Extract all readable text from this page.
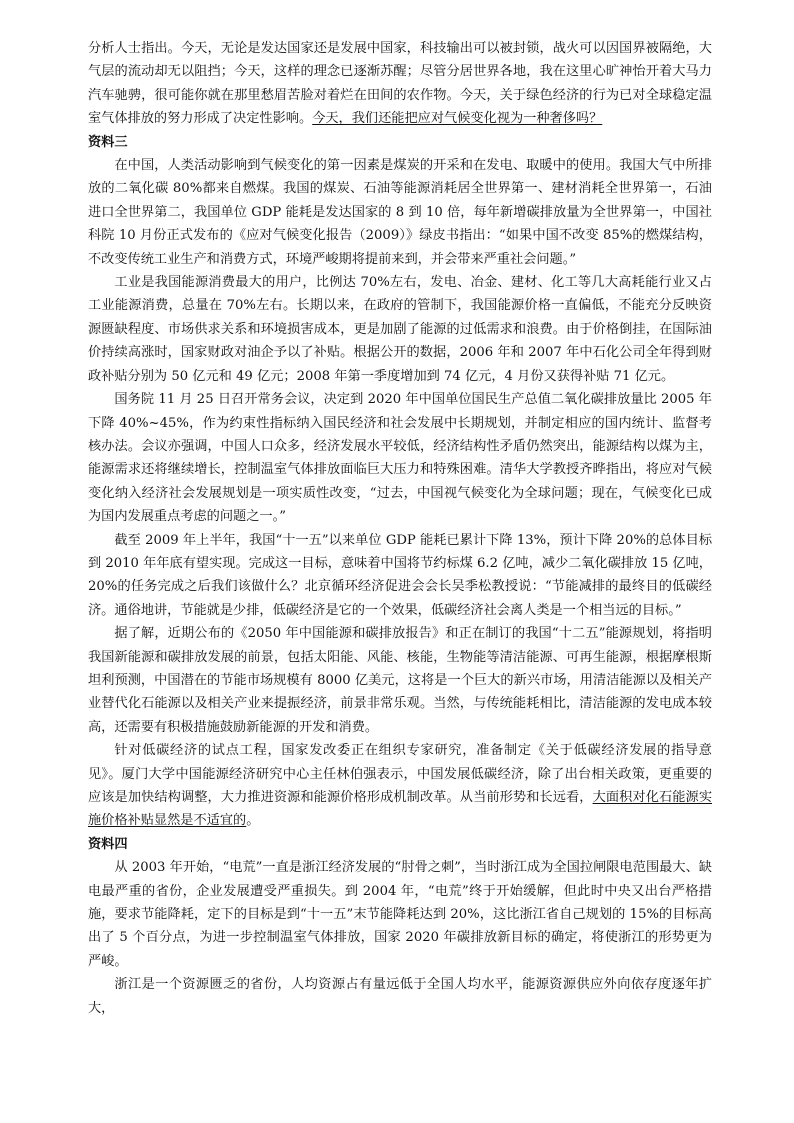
分析人士指出。今天，无论是发达国家还是发展中国家，科技输出可以被封锁，战火可以因国界被隔绝，大气层的流动却无以阻挡；今天，这样的理念已逐渐苏醒；尽管分居世界各地，我在这里心旷神怡开着大马力汽车驰骋，很可能你就在那里愁眉苦脸对着烂在田间的农作物。今天，关于绿色经济的行为已对全球稳定温室气体排放的努力形成了决定性影响。今天，我们还能把应对气候变化视为一种奢侈吗？

资料三

在中国，人类活动影响到气候变化的第一因素是煤炭的开采和在发电、取暖中的使用。我国大气中所排放的二氧化碳 80%都来自燃煤。我国的煤炭、石油等能源消耗居全世界第一、建材消耗全世界第一，石油进口全世界第二，我国单位 GDP 能耗是发达国家的 8 到 10 倍，每年新增碳排放量为全世界第一，中国社科院 10 月份正式发布的《应对气候变化报告（2009）》绿皮书指出：“如果中国不改变 85%的燃煤结构，不改变传统工业生产和消费方式，环境严峻期将提前来到，并会带来严重社会问题。”

工业是我国能源消费最大的用户，比例达 70%左右，发电、冶金、建材、化工等几大高耗能行业又占工业能源消费，总量在 70%左右。长期以来，在政府的管制下，我国能源价格一直偏低，不能充分反映资源匮缺程度、市场供求关系和环境损害成本，更是加剧了能源的过低需求和浪费。由于价格倒挂，在国际油价持续高涨时，国家财政对油企予以了补贴。根据公开的数据，2006 年和 2007 年中石化公司全年得到财政补贴分别为 50 亿元和 49 亿元；2008 年第一季度增加到 74 亿元，4 月份又获得补贴 71 亿元。

国务院 11 月 25 日召开常务会议，决定到 2020 年中国单位国民生产总值二氧化碳排放量比 2005 年下降 40%~45%，作为约束性指标纳入国民经济和社会发展中长期规划，并制定相应的国内统计、监督考核办法。会议亦强调，中国人口众多，经济发展水平较低，经济结构性矛盾仍然突出，能源结构以煤为主，能源需求还将继续增长，控制温室气体排放面临巨大压力和特殊困难。清华大学教授齐晔指出，将应对气候变化纳入经济社会发展规划是一项实质性改变，“过去，中国视气候变化为全球问题；现在，气候变化已成为国内发展重点考虑的问题之一。”

截至 2009 年上半年，我国“十一五”以来单位 GDP 能耗已累计下降 13%，预计下降 20%的总体目标到 2010 年年底有望实现。完成这一目标，意味着中国将节约标煤 6.2 亿吨，减少二氧化碳排放 15 亿吨，20%的任务完成之后我们该做什么？北京循环经济促进会会长吴季松教授说：“节能减排的最终目的低碳经济。通俗地讲，节能就是少排，低碳经济是它的一个效果，低碳经济社会离人类是一个相当远的目标。”

据了解，近期公布的《2050 年中国能源和碳排放报告》和正在制订的我国“十二五”能源规划，将指明我国新能源和碳排放发展的前景，包括太阳能、风能、核能，生物能等清洁能源、可再生能源，根据摩根斯坦利预测，中国潜在的节能市场规模有 8000 亿美元，这将是一个巨大的新兴市场，用清洁能源以及相关产业替代化石能源以及相关产业来提振经济，前景非常乐观。当然，与传统能耗相比，清洁能源的发电成本较高，还需要有积极措施鼓励新能源的开发和消费。

针对低碳经济的试点工程，国家发改委正在组织专家研究，准备制定《关于低碳经济发展的指导意见》。厦门大学中国能源经济研究中心主任林伯强表示，中国发展低碳经济，除了出台相关政策，更重要的应该是加快结构调整，大力推进资源和能源价格形成机制改革。从当前形势和长远看，大面积对化石能源实施价格补贴显然是不适宜的。

资料四

从 2003 年开始，“电荒”一直是浙江经济发展的“肘骨之刺”，当时浙江成为全国拉闸限电范围最大、缺电最严重的省份，企业发展遭受严重损失。到 2004 年，“电荒”终于开始缓解，但此时中央又出台严格措施，要求节能降耗，定下的目标是到“十一五”末节能降耗达到 20%，这比浙江省自己规划的 15%的目标高出了 5 个百分点，为进一步控制温室气体排放，国家 2020 年碳排放新目标的确定，将使浙江的形势更为严峻。

浙江是一个资源匮乏的省份，人均资源占有量远低于全国人均水平，能源资源供应外向依存度逐年扩大，
